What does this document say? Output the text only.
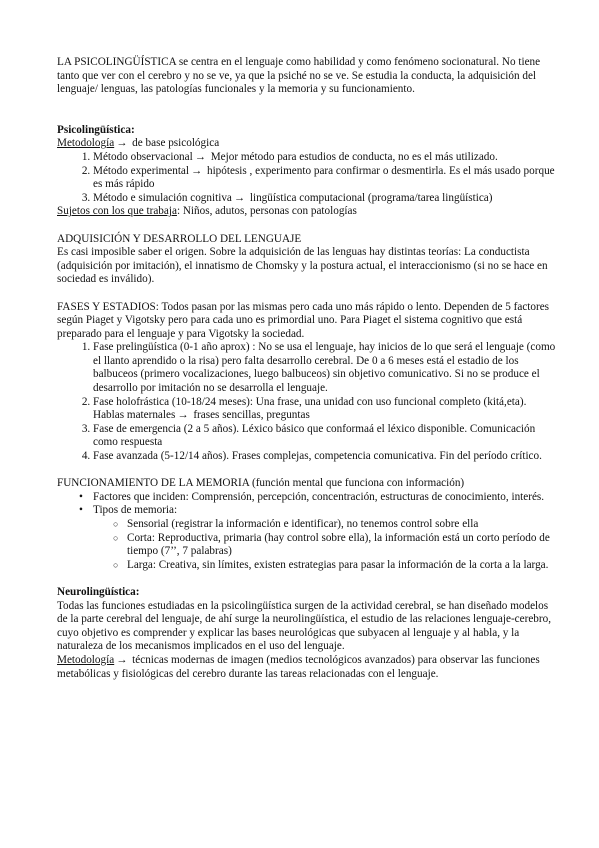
LA PSICOLINGÜÍSTICA se centra en el lenguaje como habilidad y como fenómeno socionatural. No tiene tanto que ver con el cerebro y no se ve, ya que la psiché no se ve. Se estudia la conducta, la adquisición del lenguaje/ lenguas, las patologías funcionales y la memoria y su funcionamiento.

Psicolingüística:

Metodología → de base psicológica

1. Método observacional → Mejor método para estudios de conducta, no es el más utilizado.
2. Método experimental → hipótesis , experimento para confirmar o desmentirla. Es el más usado porque es más rápido
3. Método e simulación cognitiva → lingüística computacional (programa/tarea lingüística)

Sujetos con los que trabaja: Niños, adutos, personas con patologías

ADQUISICIÓN Y DESARROLLO DEL LENGUAJE

Es casi imposible saber el origen. Sobre la adquisición de las lenguas hay distintas teorías: La conductista (adquisición por imitación), el innatismo de Chomsky y la postura actual, el interaccionismo (si no se hace en sociedad es inválido).

FASES Y ESTADIOS: Todos pasan por las mismas pero cada uno más rápido o lento. Dependen de 5 factores según Piaget y Vigotsky pero para cada uno es primordial uno. Para Piaget el sistema cognitivo que está preparado para el lenguaje y para Vigotsky la sociedad.

1. Fase prelingüística (0-1 año aprox) : No se usa el lenguaje, hay inicios de lo que será el lenguaje (como el llanto aprendido o la risa) pero falta desarrollo cerebral. De 0 a 6 meses está el estadio de los balbuceos (primero vocalizaciones, luego balbuceos) sin objetivo comunicativo. Si no se produce el desarrollo por imitación no se desarrolla el lenguaje.
2. Fase holofrástica (10-18/24 meses): Una frase, una unidad con uso funcional completo (kitá,eta). Hablas maternales → frases sencillas, preguntas
3. Fase de emergencia (2 a 5 años). Léxico básico que conformaá el léxico disponible. Comunicación como respuesta
4. Fase avanzada (5-12/14 años). Frases complejas, competencia comunicativa. Fin del período crítico.

FUNCIONAMIENTO DE LA MEMORIA (función mental que funciona con información)

• Factores que inciden: Comprensión, percepción, concentración, estructuras de conocimiento, interés.
• Tipos de memoria:
○ Sensorial (registrar la información e identificar), no tenemos control sobre ella
○ Corta: Reproductiva, primaria (hay control sobre ella), la información está un corto período de tiempo (7’’, 7 palabras)
○ Larga: Creativa, sin límites, existen estrategias para pasar la información de la corta a la larga.

Neurolingüística:

Todas las funciones estudiadas en la psicolingüística surgen de la actividad cerebral, se han diseñado modelos de la parte cerebral del lenguaje, de ahí surge la neurolingüística, el estudio de las relaciones lenguaje-cerebro, cuyo objetivo es comprender y explicar las bases neurológicas que subyacen al lenguaje y al habla, y la naturaleza de los mecanismos implicados en el uso del lenguaje.

Metodología → técnicas modernas de imagen (medios tecnológicos avanzados) para observar las funciones metabólicas y fisiológicas del cerebro durante las tareas relacionadas con el lenguaje.
